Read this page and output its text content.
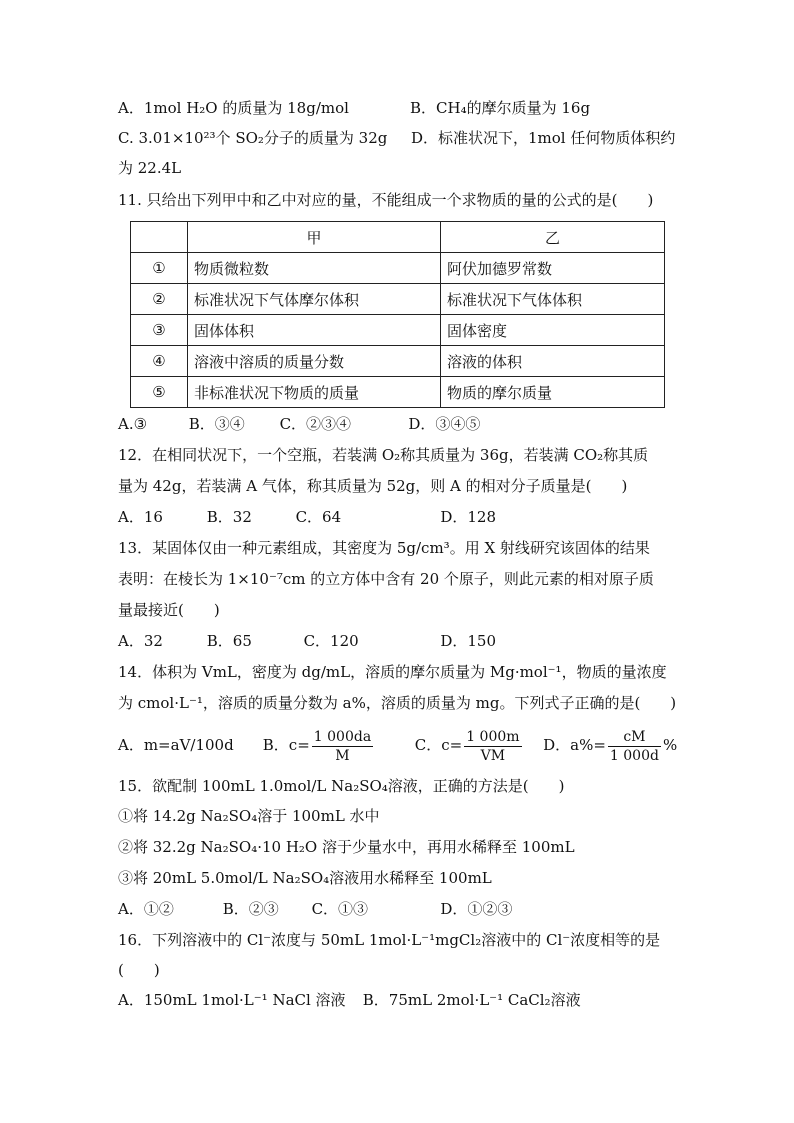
A．1mol H₂O 的质量为 18g/mol	B．CH₄的摩尔质量为 16g
C. 3.01×10²³个 SO₂分子的质量为 32g D．标准状况下，1mol 任何物质体积约
为 22.4L
11. 只给出下列甲中和乙中对应的量，不能组成一个求物质的量的公式的是(　　)
	甲	乙
①	物质微粒数	阿伏加德罗常数
②	标准状况下气体摩尔体积	标准状况下气体体积
③	固体体积	固体密度
④	溶液中溶质的质量分数	溶液的体积
⑤	非标准状况下物质的质量	物质的摩尔质量
A.③	B．③④ C．②③④	D．③④⑤
12．在相同状况下，一个空瓶，若装满 O₂称其质量为 36g，若装满 CO₂称其质
量为 42g，若装满 A 气体，称其质量为 52g，则 A 的相对分子质量是(　　)
A．16	B．32	C．64	D．128
13．某固体仅由一种元素组成，其密度为 5g/cm³。用 X 射线研究该固体的结果
表明：在棱长为 1×10⁻⁷cm 的立方体中含有 20 个原子，则此元素的相对原子质
量最接近(　　)
A．32	B．65	C．120	D．150
14．体积为 VmL，密度为 dg/mL，溶质的摩尔质量为 Mg·mol⁻¹，物质的量浓度
为 cmol·L⁻¹，溶质的质量分数为 a%，溶质的质量为 mg。下列式子正确的是(　　)
A．m=aV/100d B．$c= \frac{1 000da}{M}$	C．$c= \frac{1 000m}{VM}$ D．$a\%= \frac{cM}{1 000d}$ %
15．欲配制 100mL 1.0mol/L Na₂SO₄溶液，正确的方法是(　　)
①将 14.2g Na₂SO₄溶于 100mL 水中
②将 32.2g Na₂SO₄·10 H₂O 溶于少量水中，再用水稀释至 100mL
③将 20mL 5.0mol/L Na₂SO₄溶液用水稀释至 100mL
A．①②	B．②③ C．①③	D．①②③
16．下列溶液中的 Cl⁻浓度与 50mL 1mol·L⁻¹mgCl₂溶液中的 Cl⁻浓度相等的是
(　　)
A．150mL 1mol·L⁻¹ NaCl 溶液 B．75mL 2mol·L⁻¹ CaCl₂溶液
